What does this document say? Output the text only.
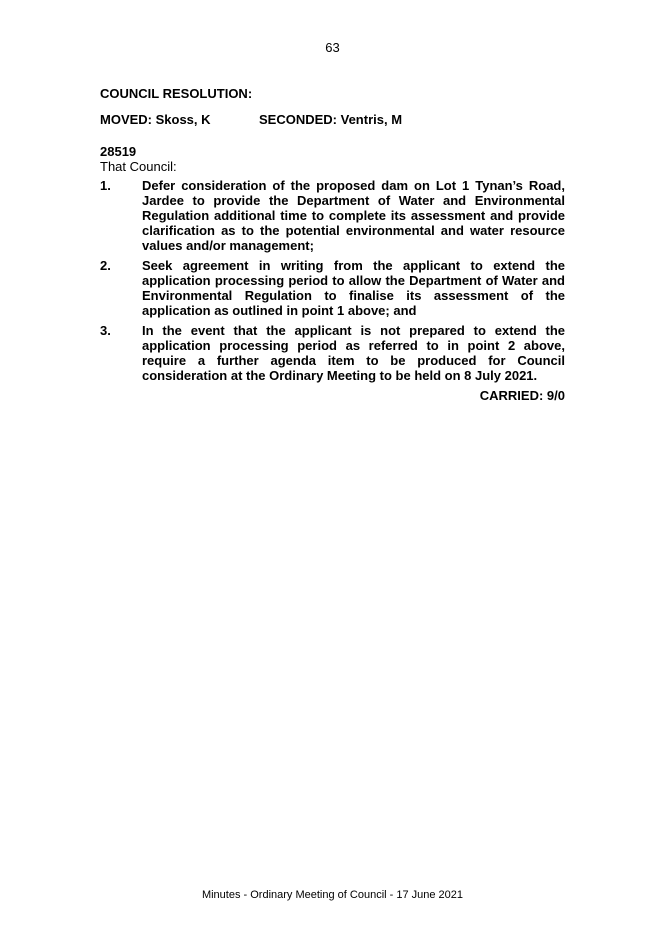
63
COUNCIL RESOLUTION:
MOVED: Skoss, K	SECONDED: Ventris, M
28519
That Council:
1.	Defer consideration of the proposed dam on Lot 1 Tynan’s Road, Jardee to provide the Department of Water and Environmental Regulation additional time to complete its assessment and provide clarification as to the potential environmental and water resource values and/or management;
2.	Seek agreement in writing from the applicant to extend the application processing period to allow the Department of Water and Environmental Regulation to finalise its assessment of the application as outlined in point 1 above; and
3.	In the event that the applicant is not prepared to extend the application processing period as referred to in point 2 above, require a further agenda item to be produced for Council consideration at the Ordinary Meeting to be held on 8 July 2021.
CARRIED: 9/0
Minutes - Ordinary Meeting of Council - 17 June 2021
